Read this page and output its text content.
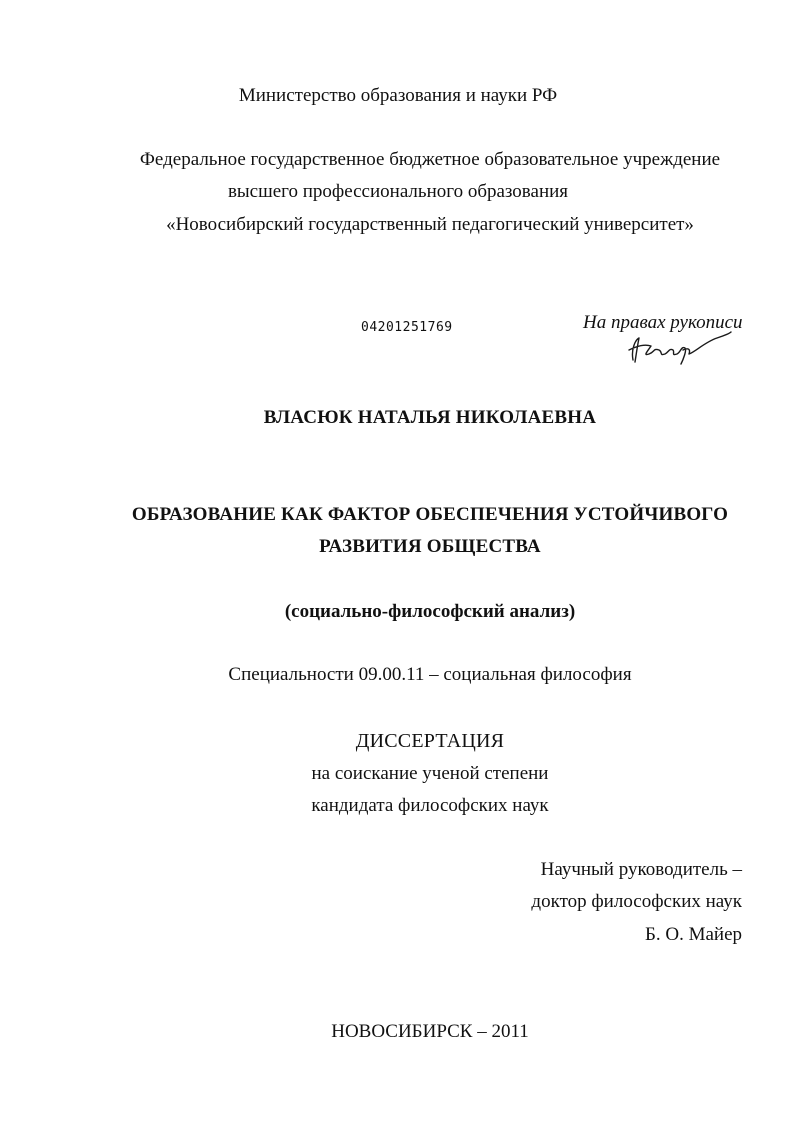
Министерство образования и науки РФ
Федеральное государственное бюджетное образовательное учреждение
высшего профессионального образования
«Новосибирский государственный педагогический университет»
04201251769	На правах рукописи
ВЛАСЮК НАТАЛЬЯ НИКОЛАЕВНА
ОБРАЗОВАНИЕ КАК ФАКТОР ОБЕСПЕЧЕНИЯ УСТОЙЧИВОГО
РАЗВИТИЯ ОБЩЕСТВА
(социально-философский анализ)
Специальности 09.00.11 – социальная философия
ДИССЕРТАЦИЯ
на соискание ученой степени
кандидата философских наук
Научный руководитель –
доктор философских наук
Б. О. Майер
НОВОСИБИРСК – 2011
